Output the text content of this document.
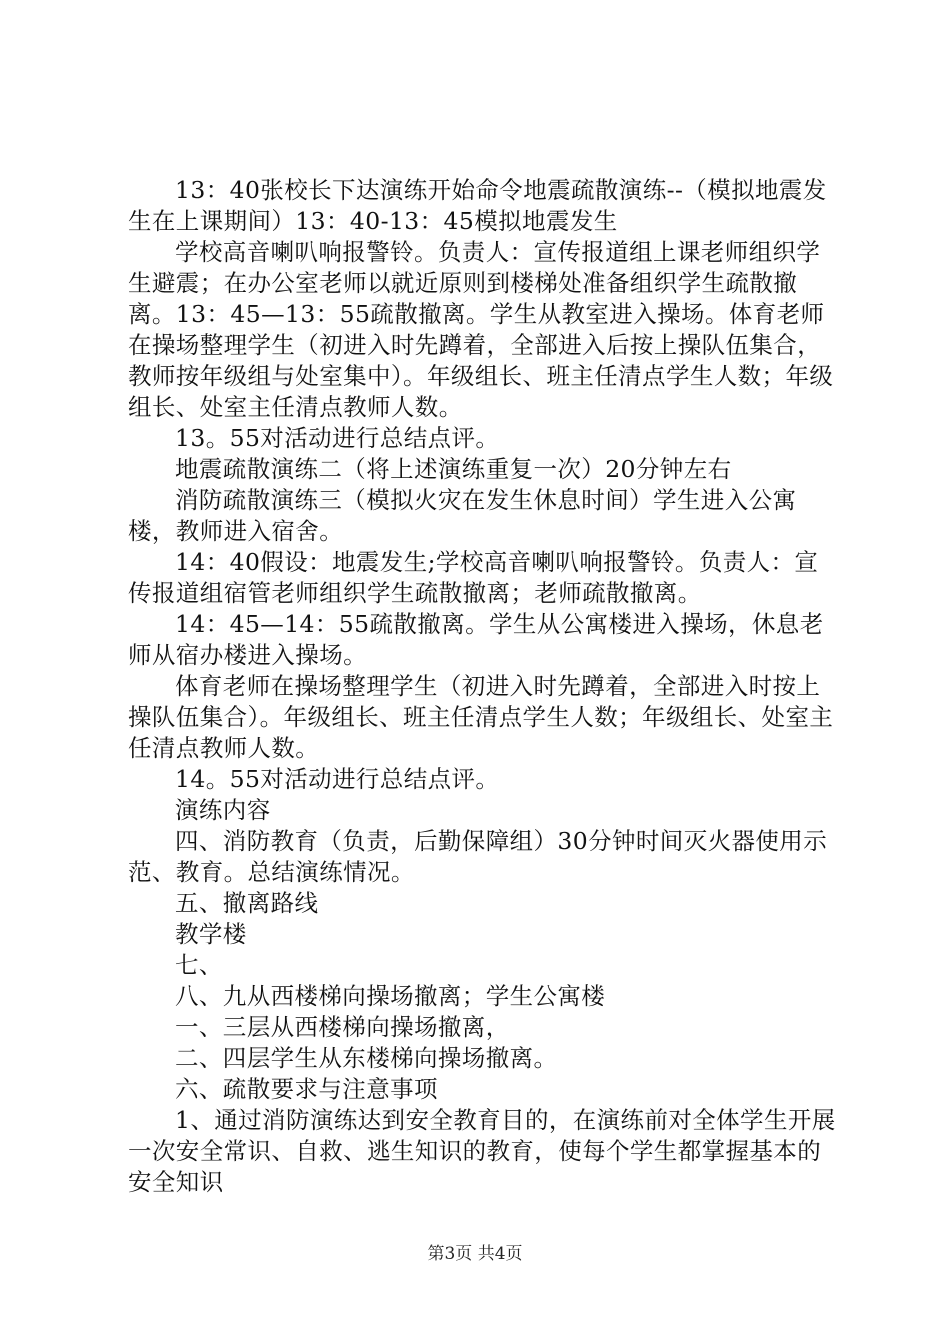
13：40张校长下达演练开始命令地震疏散演练--（模拟地震发生在上课期间）13：40-13：45模拟地震发生

学校高音喇叭响报警铃。负责人：宣传报道组上课老师组织学生避震；在办公室老师以就近原则到楼梯处准备组织学生疏散撤离。13：45—13：55疏散撤离。学生从教室进入操场。体育老师在操场整理学生（初进入时先蹲着，全部进入后按上操队伍集合，教师按年级组与处室集中）。年级组长、班主任清点学生人数；年级组长、处室主任清点教师人数。

13。55对活动进行总结点评。

地震疏散演练二（将上述演练重复一次）20分钟左右

消防疏散演练三（模拟火灾在发生休息时间）学生进入公寓楼，教师进入宿舍。

14：40假设：地震发生;学校高音喇叭响报警铃。负责人：宣传报道组宿管老师组织学生疏散撤离；老师疏散撤离。

14：45—14：55疏散撤离。学生从公寓楼进入操场，休息老师从宿办楼进入操场。

体育老师在操场整理学生（初进入时先蹲着，全部进入时按上操队伍集合）。年级组长、班主任清点学生人数；年级组长、处室主任清点教师人数。

14。55对活动进行总结点评。

演练内容

四、消防教育（负责，后勤保障组）30分钟时间灭火器使用示范、教育。总结演练情况。

五、撤离路线

教学楼

七、

八、九从西楼梯向操场撤离；学生公寓楼

一、三层从西楼梯向操场撤离，

二、四层学生从东楼梯向操场撤离。

六、疏散要求与注意事项

1、通过消防演练达到安全教育目的，在演练前对全体学生开展一次安全常识、自救、逃生知识的教育，使每个学生都掌握基本的安全知识

第3页 共4页
